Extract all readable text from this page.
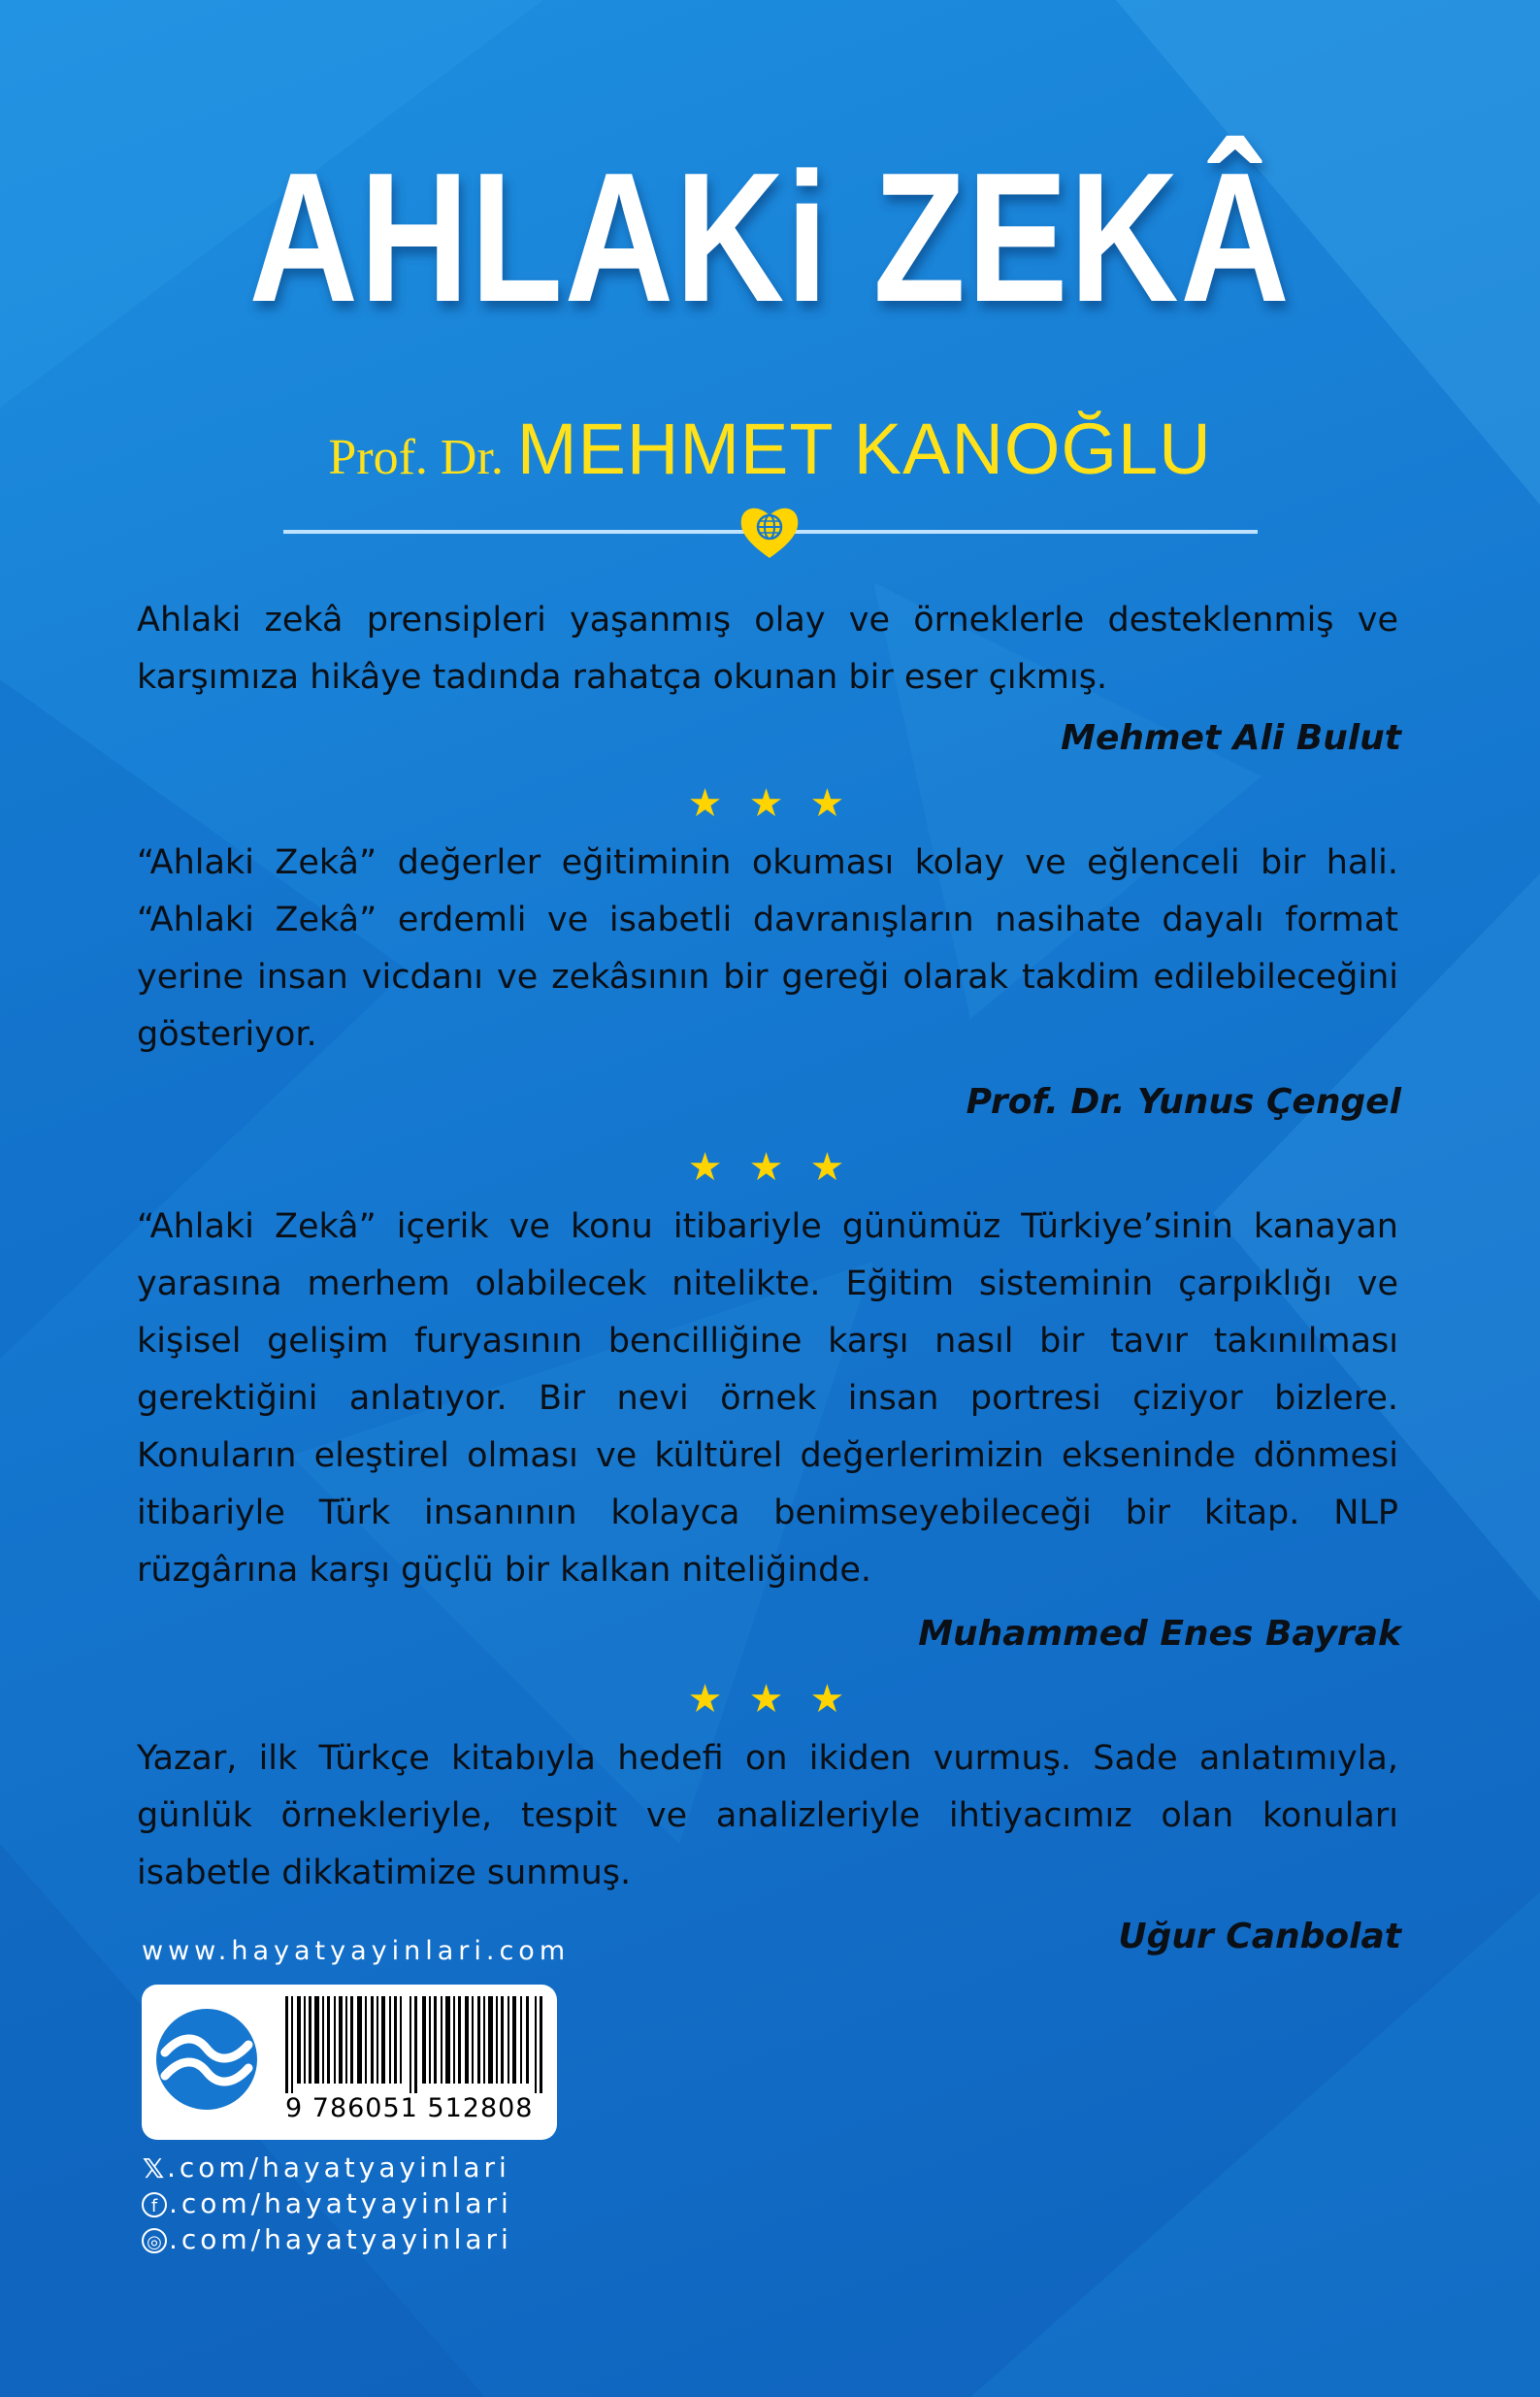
AHLAKi ZEKÂ
Prof. Dr. MEHMET KANOĞLU

Ahlaki zekâ prensipleri yaşanmış olay ve örneklerle desteklenmiş ve karşımıza hikâye tadında rahatça okunan bir eser çıkmış.

Mehmet Ali Bulut
★ ★ ★

“Ahlaki Zekâ” değerler eğitiminin okuması kolay ve eğlenceli bir hali. “Ahlaki Zekâ” erdemli ve isabetli davranışların nasihate dayalı format yerine insan vicdanı ve zekâsının bir gereği olarak takdim edilebileceğini gösteriyor.

Prof. Dr. Yunus Çengel
★ ★ ★

“Ahlaki Zekâ” içerik ve konu itibariyle günümüz Türkiye’sinin kanayan yarasına merhem olabilecek nitelikte. Eğitim sisteminin çarpıklığı ve kişisel gelişim furyasının bencilliğine karşı nasıl bir tavır takınılması gerektiğini anlatıyor. Bir nevi örnek insan portresi çiziyor bizlere. Konuların eleştirel olması ve kültürel değerlerimizin ekseninde dönmesi itibariyle Türk insanının kolayca benimseyebileceği bir kitap. NLP rüzgârına karşı güçlü bir kalkan niteliğinde.

Muhammed Enes Bayrak
★ ★ ★

Yazar, ilk Türkçe kitabıyla hedefi on ikiden vurmuş. Sade anlatımıyla, günlük örnekleriyle, tespit ve analizleriyle ihtiyacımız olan konuları isabetle dikkatimize sunmuş.

Uğur Canbolat
www.hayatyayinlari.com
9 786051 512808
𝕏.com/hayatyayinlari
f .com/hayatyayinlari
◎ .com/hayatyayinlari
